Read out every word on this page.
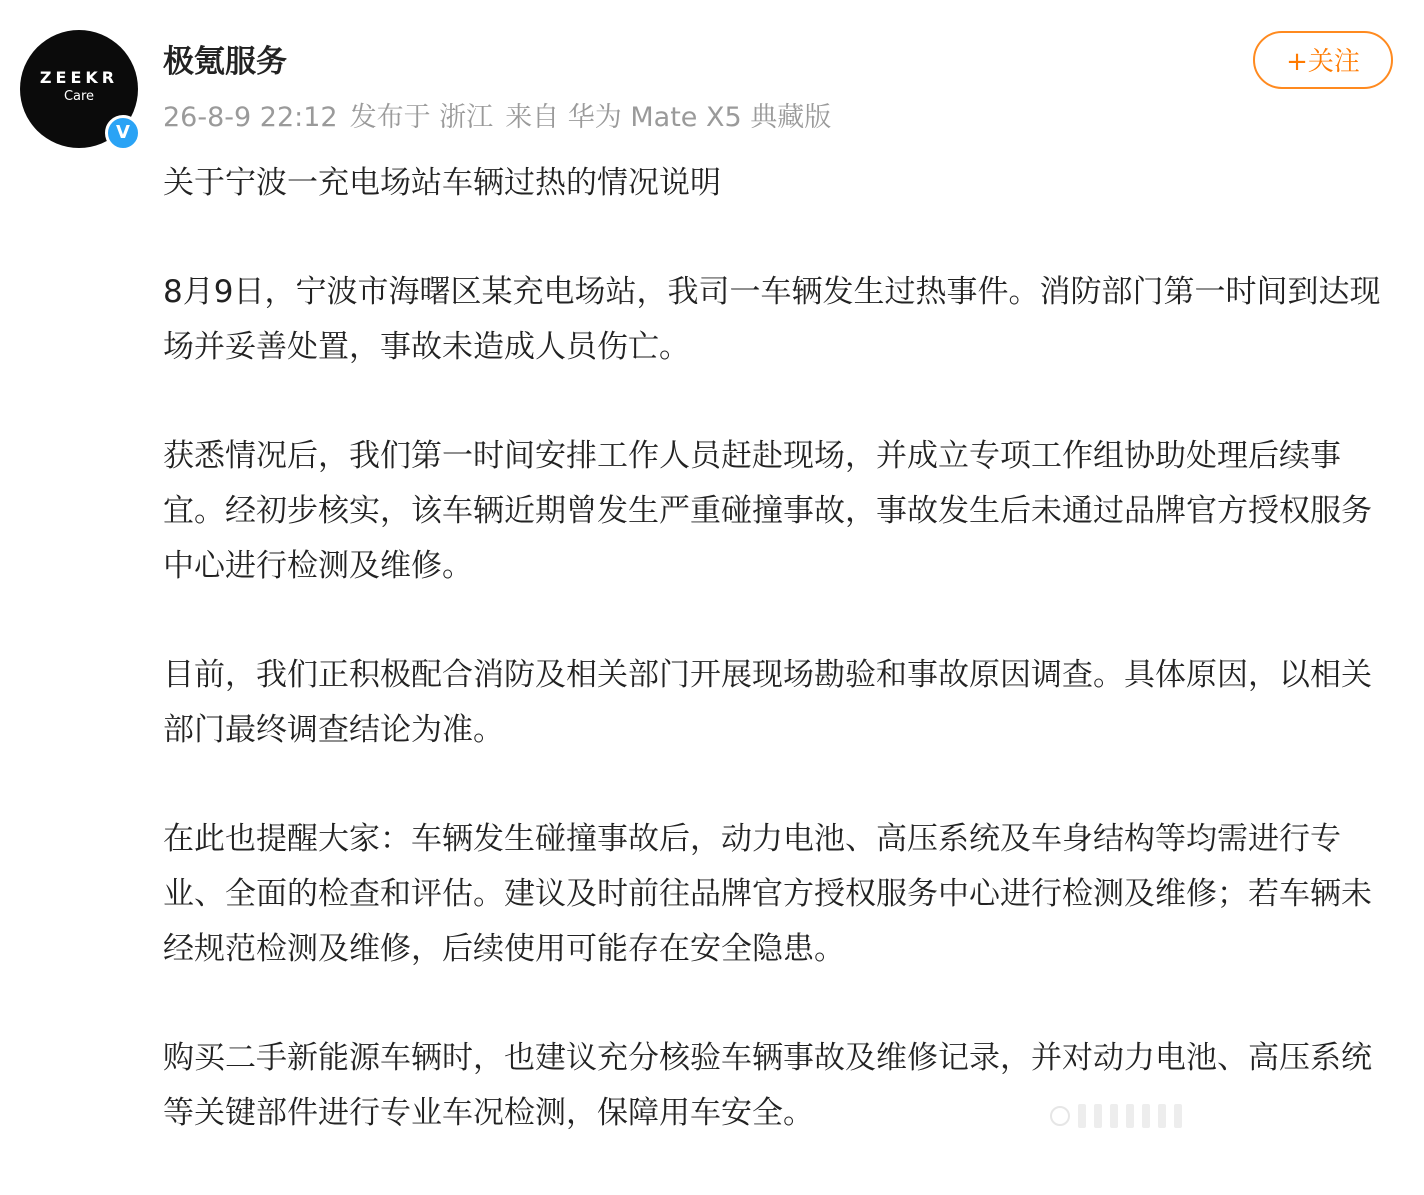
ZEEKR
Care
V
极氪服务
26-8-9 22:12 发布于 浙江 来自 华为 Mate X5 典藏版
+关注

关于宁波一充电场站车辆过热的情况说明

8月9日，宁波市海曙区某充电场站，我司一车辆发生过热事件。消防部门第一时间到达现场并妥善处置，事故未造成人员伤亡。

获悉情况后，我们第一时间安排工作人员赶赴现场，并成立专项工作组协助处理后续事宜。经初步核实，该车辆近期曾发生严重碰撞事故，事故发生后未通过品牌官方授权服务中心进行检测及维修。

目前，我们正积极配合消防及相关部门开展现场勘验和事故原因调查。具体原因，以相关部门最终调查结论为准。

在此也提醒大家：车辆发生碰撞事故后，动力电池、高压系统及车身结构等均需进行专业、全面的检查和评估。建议及时前往品牌官方授权服务中心进行检测及维修；若车辆未经规范检测及维修，后续使用可能存在安全隐患。

购买二手新能源车辆时，也建议充分核验车辆事故及维修记录，并对动力电池、高压系统等关键部件进行专业车况检测，保障用车安全。
